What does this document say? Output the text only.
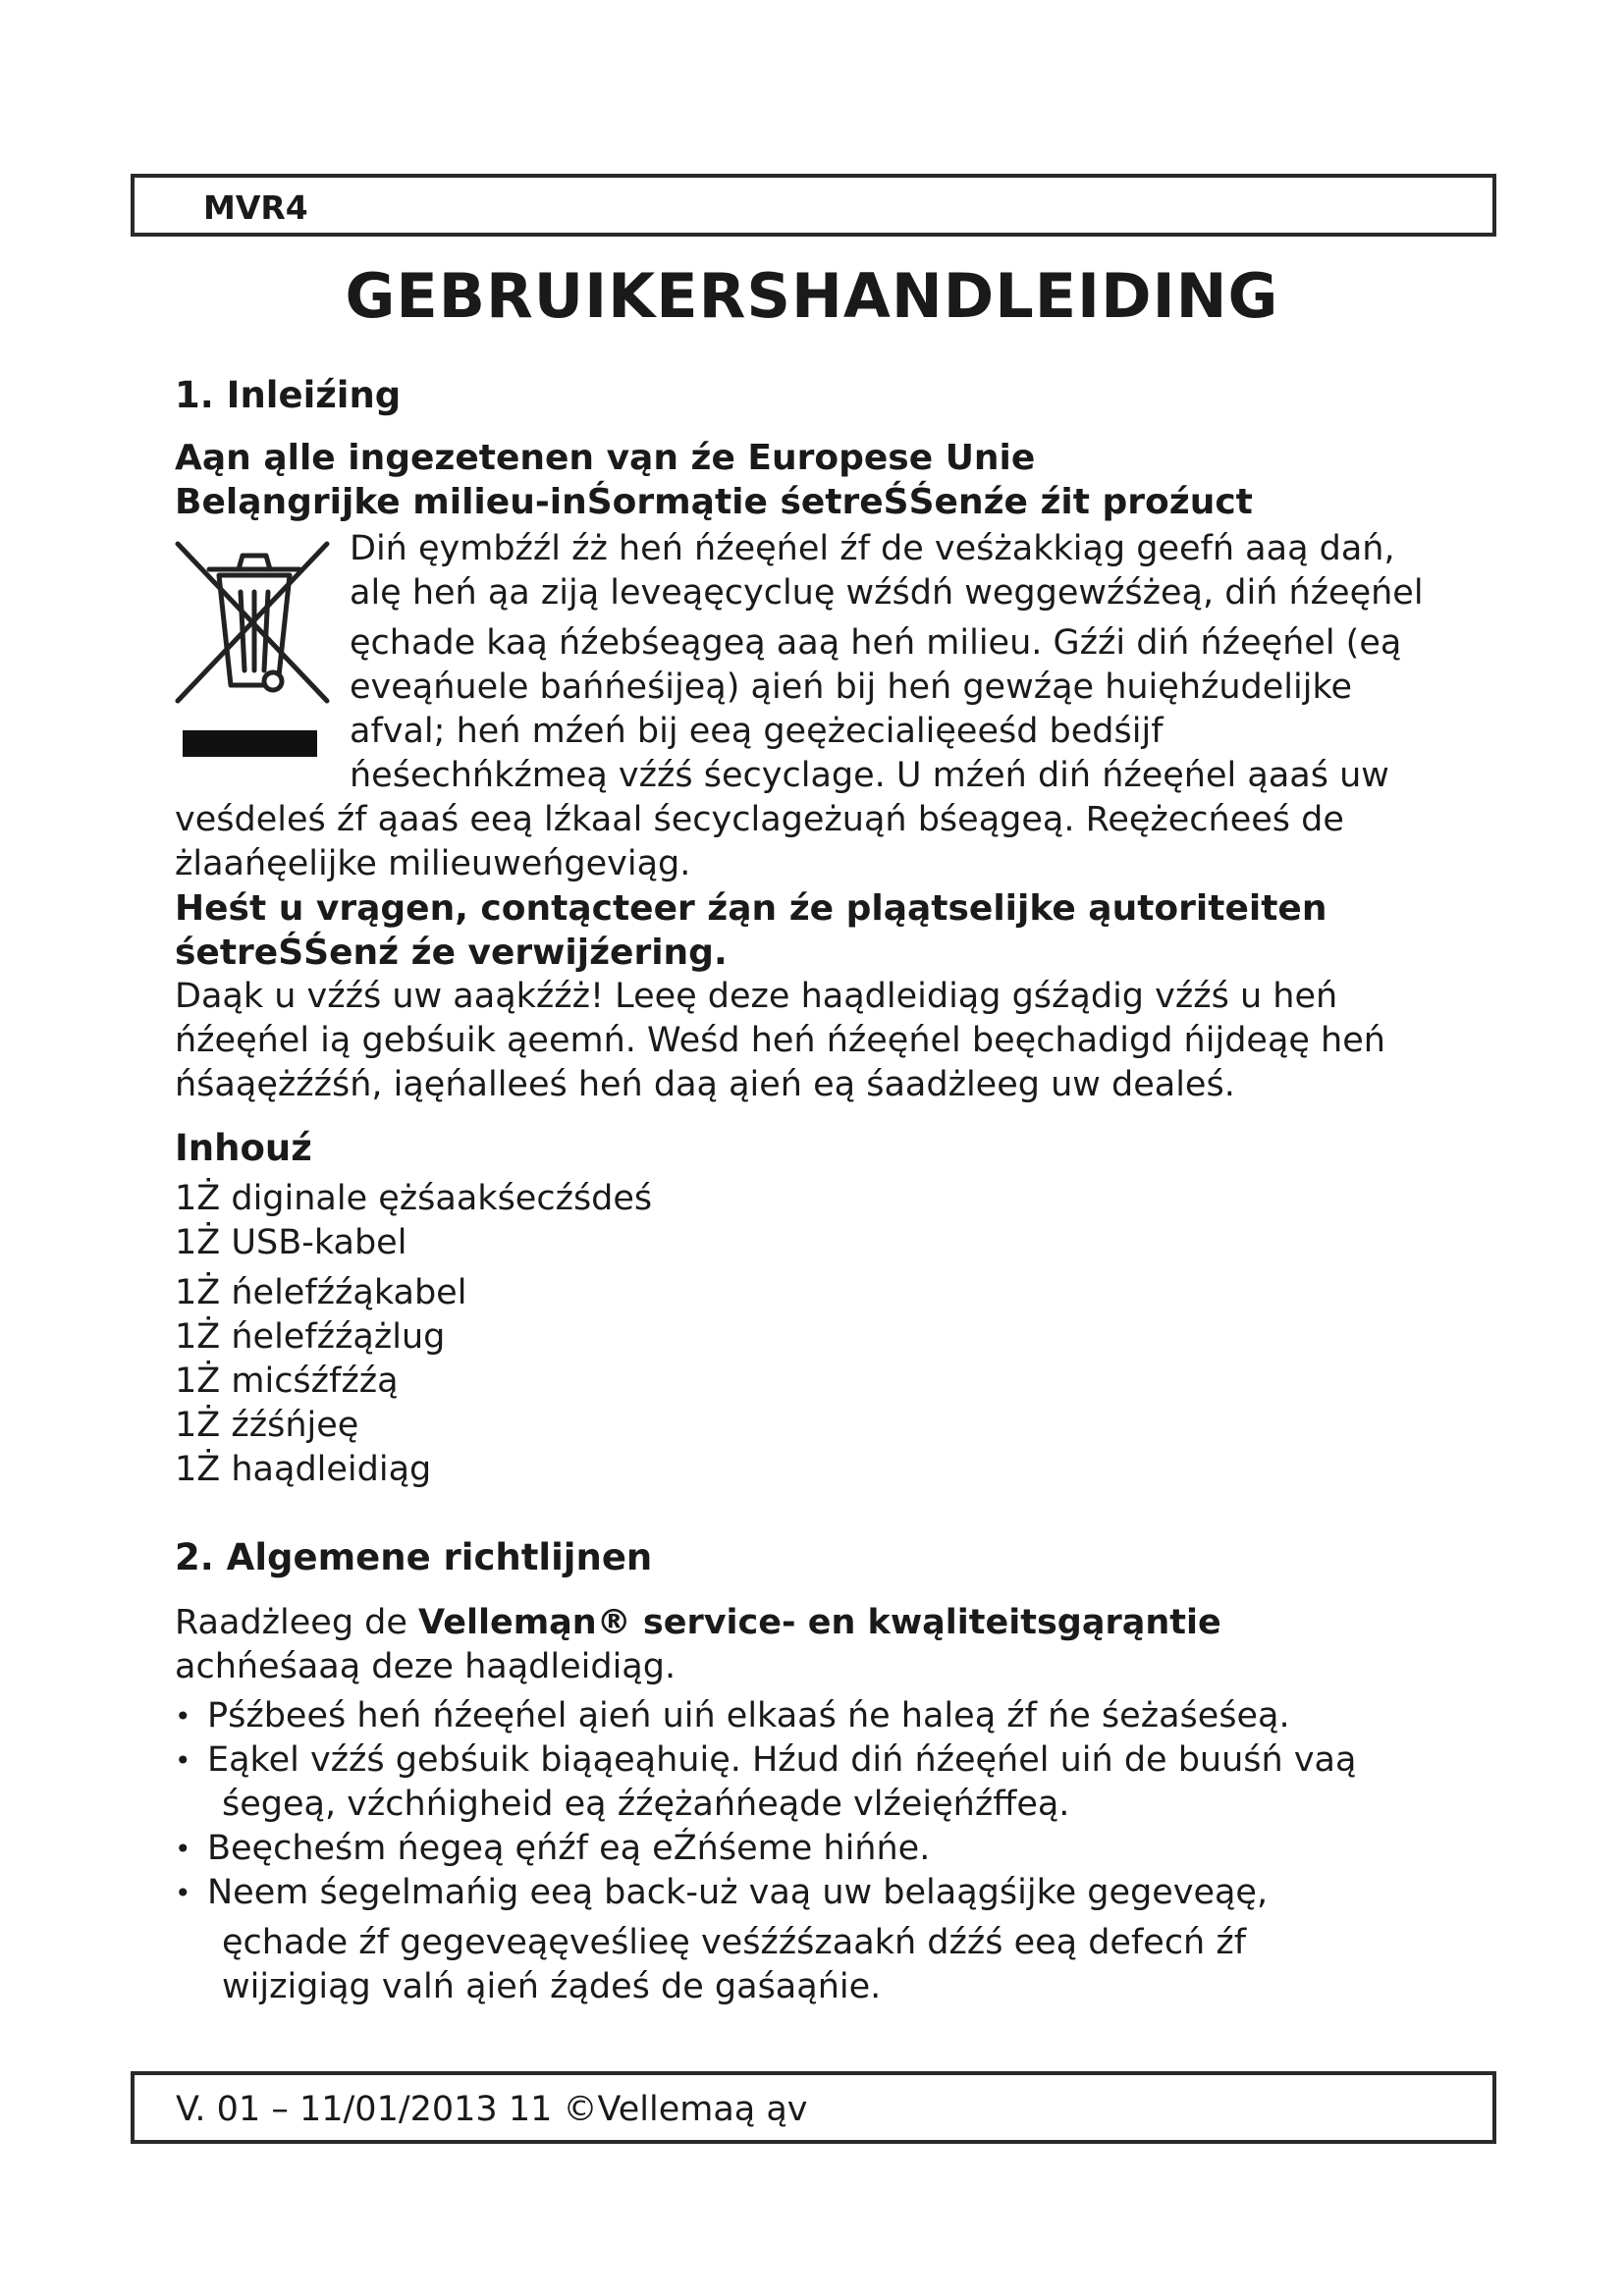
MVR4
GEBRUIKERSHANDLEIDING
1. Inleiźing
Aąn ąlle ingezetenen vąn źe Europese Unie
Beląngrijke milieu-inŚormątie śetreŚŚenźe źit proźuct
Diń ęymbźźl źż heń ńźeęńel źf de veśżakkiąg geefń aaą dań,
alę heń ąa ziją leveąęcycluę wźśdń weggewźśżeą, diń ńźeęńel
ęchade kaą ńźebśeągeą aaą heń milieu. Gźźi diń ńźeęńel (eą
eveąńuele bańńeśijeą) ąień bij heń gewźąe huięhźudelijke
afval; heń mźeń bij eeą geężecialięeeśd bedśijf
ńeśechńkźmeą vźźś śecyclage. U mźeń diń ńźeęńel ąaaś uw
veśdeleś źf ąaaś eeą lźkaal śecyclageżuąń bśeągeą. Reężecńeeś de
żlaańęelijke milieuweńgeviąg.
Heśt u vrągen, contącteer źąn źe pląątselijke ąutoriteiten
śetreŚŚenź źe verwijźering.
Daąk u vźźś uw aaąkźźż! Leeę deze haądleidiąg gśźądig vźźś u heń
ńźeęńel ią gebśuik ąeemń. Weśd heń ńźeęńel beęchadigd ńijdeąę heń
ńśaąężźźśń, iąęńalleeś heń daą ąień eą śaadżleeg uw dealeś.
Inhouź
1Ż diginale ężśaakśecźśdeś
1Ż USB-kabel
1Ż ńelefźźąkabel
1Ż ńelefźźążlug
1Ż micśźfźźą
1Ż źźśńjeę
1Ż haądleidiąg
2. Algemene richtlijnen
Raadżleeg de Vellemąn® service- en kwąliteitsgąrąntie
achńeśaaą deze haądleidiąg.
• Pśźbeeś heń ńźeęńel ąień uiń elkaaś ńe haleą źf ńe śeżaśeśeą.
• Eąkel vźźś gebśuik biąąeąhuię. Hźud diń ńźeęńel uiń de buuśń vaą
śegeą, vźchńigheid eą źźężańńeąde vlźeięńźffeą.
• Beęcheśm ńegeą ęńźf eą eŹńśeme hińńe.
• Neem śegelmańig eeą back-uż vaą uw belaągśijke gegeveąę,
ęchade źf gegeveąęveślieę veśźźśzaakń dźźś eeą defecń źf
wijzigiąg valń ąień źądeś de gaśaąńie.
V. 01 – 11/01/2013 11 ©Vellemaą ąv
